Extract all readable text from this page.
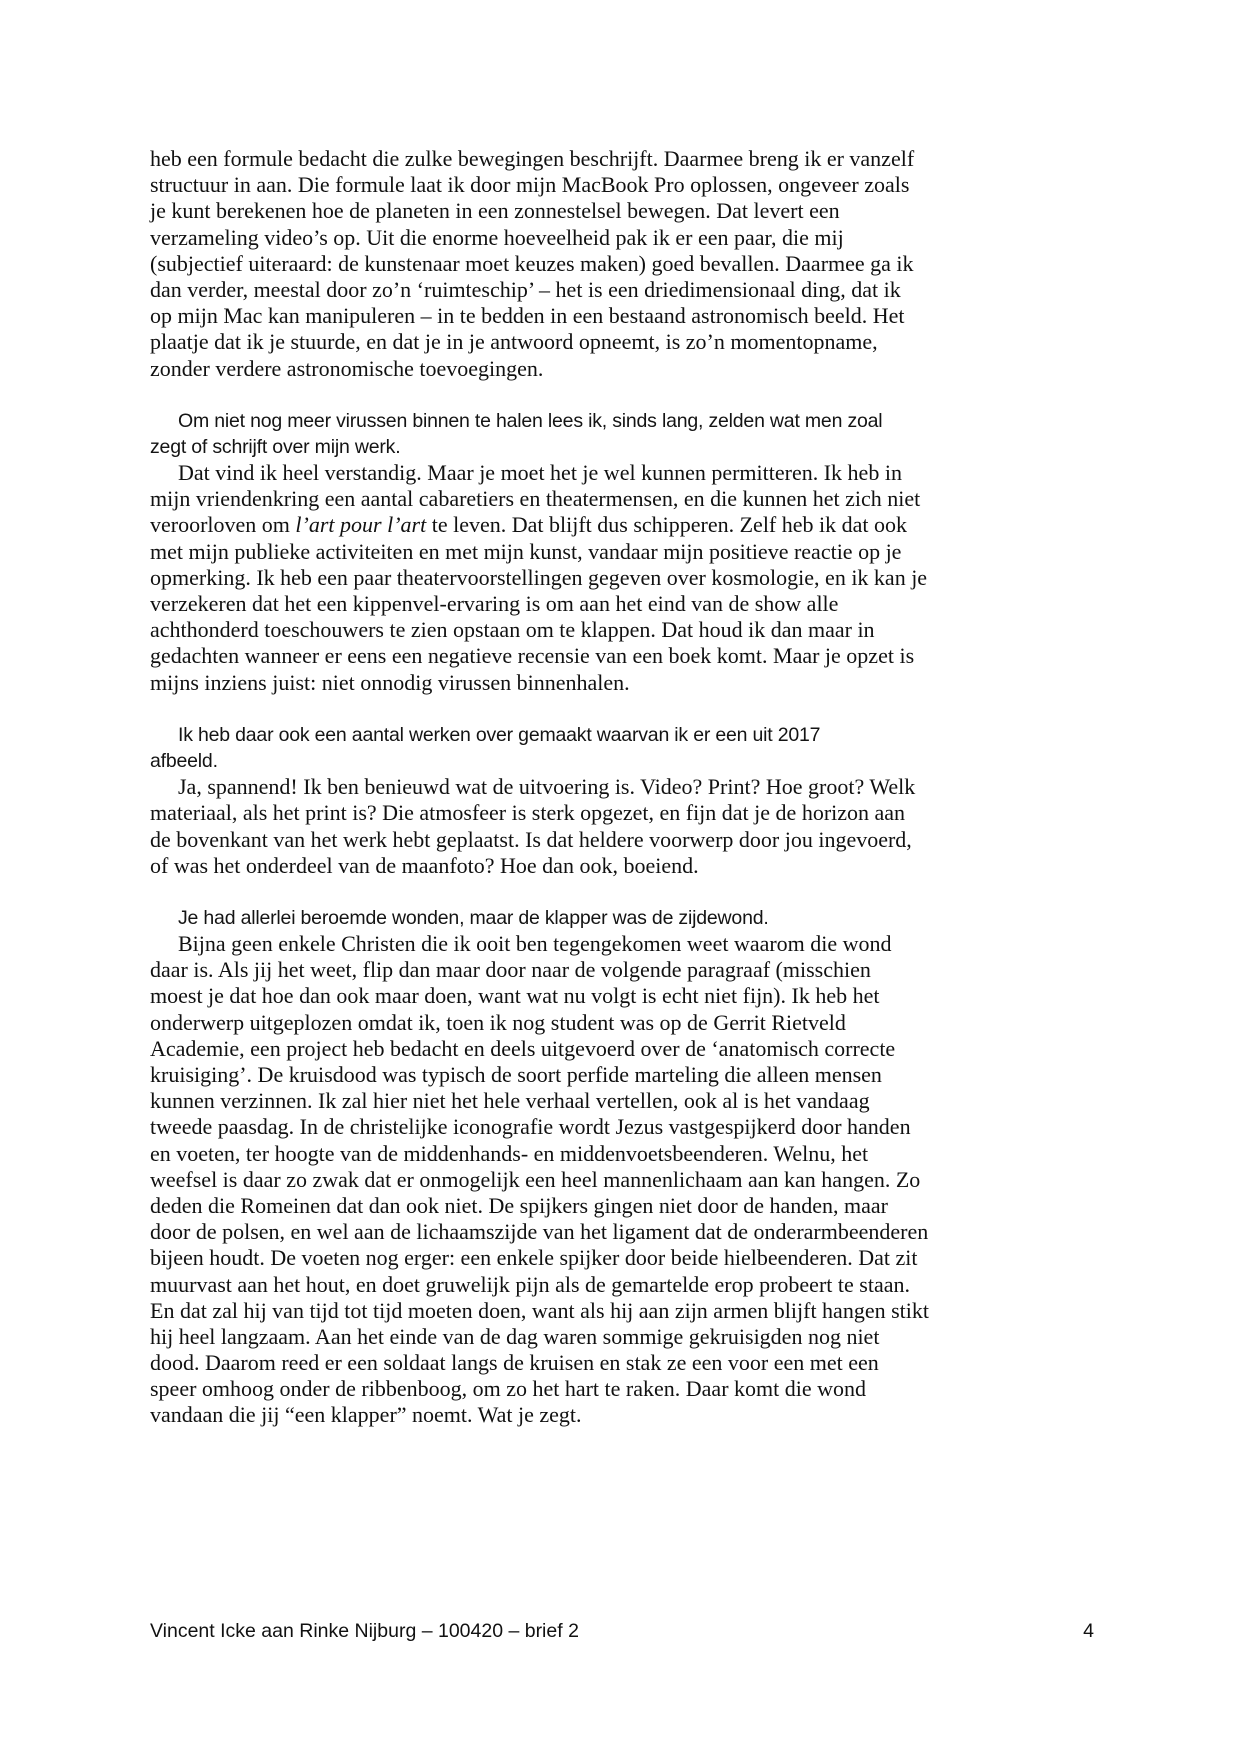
heb een formule bedacht die zulke bewegingen beschrijft. Daarmee breng ik er vanzelf
structuur in aan. Die formule laat ik door mijn MacBook Pro oplossen, ongeveer zoals
je kunt berekenen hoe de planeten in een zonnestelsel bewegen. Dat levert een
verzameling video’s op. Uit die enorme hoeveelheid pak ik er een paar, die mij
(subjectief uiteraard: de kunstenaar moet keuzes maken) goed bevallen. Daarmee ga ik
dan verder, meestal door zo’n ‘ruimteschip’ – het is een driedimensionaal ding, dat ik
op mijn Mac kan manipuleren – in te bedden in een bestaand astronomisch beeld. Het
plaatje dat ik je stuurde, en dat je in je antwoord opneemt, is zo’n momentopname,
zonder verdere astronomische toevoegingen.
Om niet nog meer virussen binnen te halen lees ik, sinds lang, zelden wat men zoal
zegt of schrijft over mijn werk.
Dat vind ik heel verstandig. Maar je moet het je wel kunnen permitteren. Ik heb in
mijn vriendenkring een aantal cabaretiers en theatermensen, en die kunnen het zich niet
veroorloven om l’art pour l’art te leven. Dat blijft dus schipperen. Zelf heb ik dat ook
met mijn publieke activiteiten en met mijn kunst, vandaar mijn positieve reactie op je
opmerking. Ik heb een paar theatervoorstellingen gegeven over kosmologie, en ik kan je
verzekeren dat het een kippenvel-ervaring is om aan het eind van de show alle
achthonderd toeschouwers te zien opstaan om te klappen. Dat houd ik dan maar in
gedachten wanneer er eens een negatieve recensie van een boek komt. Maar je opzet is
mijns inziens juist: niet onnodig virussen binnenhalen.
Ik heb daar ook een aantal werken over gemaakt waarvan ik er een uit 2017
afbeeld.
Ja, spannend! Ik ben benieuwd wat de uitvoering is. Video? Print? Hoe groot? Welk
materiaal, als het print is? Die atmosfeer is sterk opgezet, en fijn dat je de horizon aan
de bovenkant van het werk hebt geplaatst. Is dat heldere voorwerp door jou ingevoerd,
of was het onderdeel van de maanfoto? Hoe dan ook, boeiend.
Je had allerlei beroemde wonden, maar de klapper was de zijdewond.
Bijna geen enkele Christen die ik ooit ben tegengekomen weet waarom die wond
daar is. Als jij het weet, flip dan maar door naar de volgende paragraaf (misschien
moest je dat hoe dan ook maar doen, want wat nu volgt is echt niet fijn). Ik heb het
onderwerp uitgeplozen omdat ik, toen ik nog student was op de Gerrit Rietveld
Academie, een project heb bedacht en deels uitgevoerd over de ‘anatomisch correcte
kruisiging’. De kruisdood was typisch de soort perfide marteling die alleen mensen
kunnen verzinnen. Ik zal hier niet het hele verhaal vertellen, ook al is het vandaag
tweede paasdag. In de christelijke iconografie wordt Jezus vastgespijkerd door handen
en voeten, ter hoogte van de middenhands- en middenvoetsbeenderen. Welnu, het
weefsel is daar zo zwak dat er onmogelijk een heel mannenlichaam aan kan hangen. Zo
deden die Romeinen dat dan ook niet. De spijkers gingen niet door de handen, maar
door de polsen, en wel aan de lichaamszijde van het ligament dat de onderarmbeenderen
bijeen houdt. De voeten nog erger: een enkele spijker door beide hielbeenderen. Dat zit
muurvast aan het hout, en doet gruwelijk pijn als de gemartelde erop probeert te staan.
En dat zal hij van tijd tot tijd moeten doen, want als hij aan zijn armen blijft hangen stikt
hij heel langzaam. Aan het einde van de dag waren sommige gekruisigden nog niet
dood. Daarom reed er een soldaat langs de kruisen en stak ze een voor een met een
speer omhoog onder de ribbenboog, om zo het hart te raken. Daar komt die wond
vandaan die jij “een klapper” noemt. Wat je zegt.
Vincent Icke aan Rinke Nijburg – 100420 – brief 2	4
